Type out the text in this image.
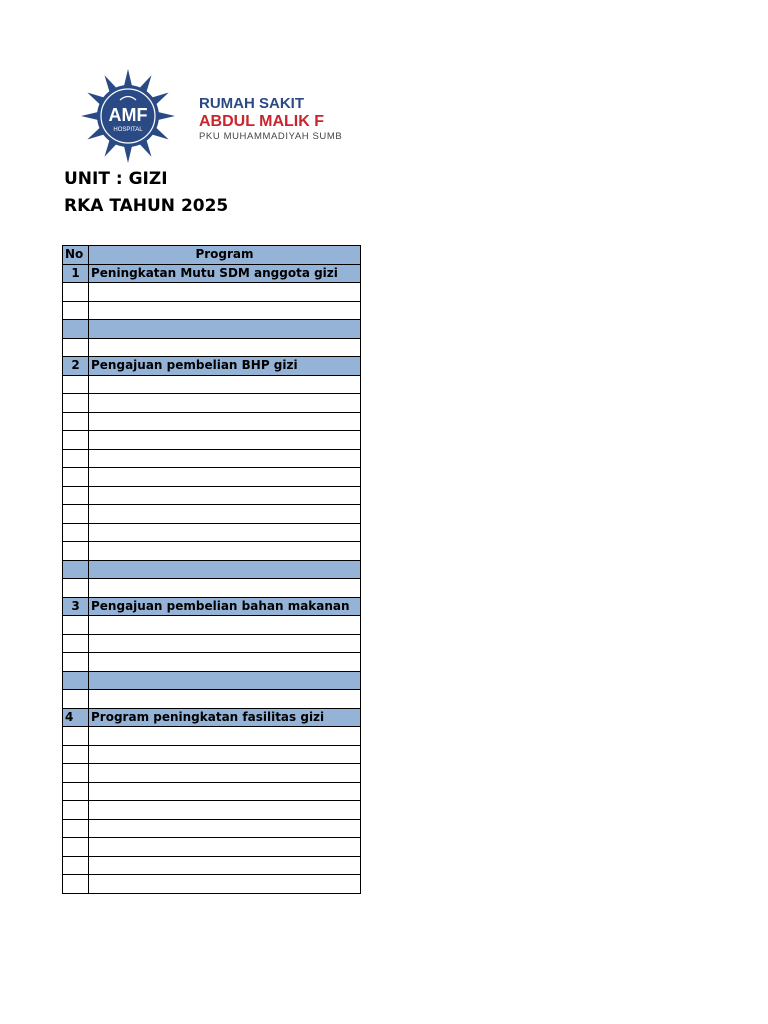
AMF
HOSPITAL
RUMAH SAKIT
ABDUL MALIK F
PKU MUHAMMADIYAH SUMB
UNIT : GIZI
RKA TAHUN 2025
No	Program
1	Peningkatan Mutu SDM anggota gizi

2	Pengajuan pembelian BHP gizi

3	Pengajuan pembelian bahan makanan

4	Program peningkatan fasilitas gizi
